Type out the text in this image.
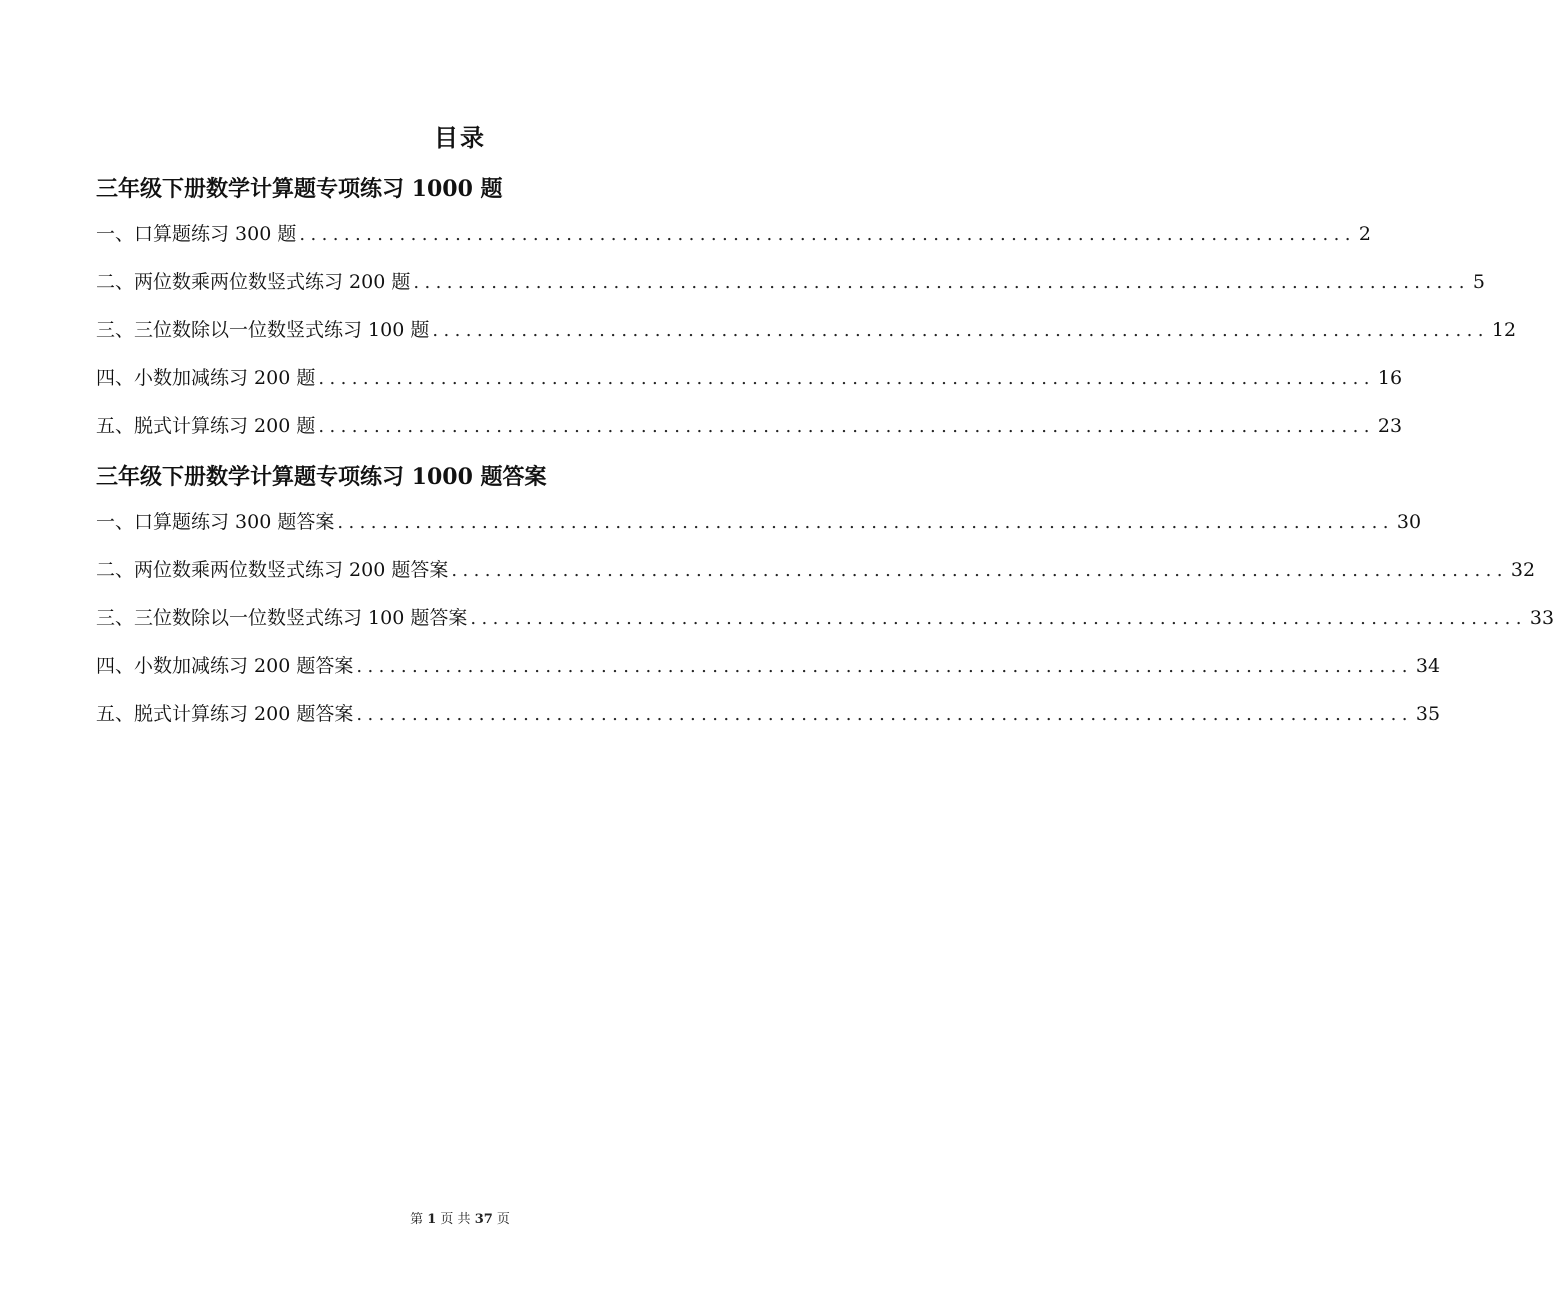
目录
三年级下册数学计算题专项练习 1000 题
一、口算题练习 300 题 ............................................................................................... 2
二、两位数乘两位数竖式练习 200 题 ............................................................................................... 5
三、三位数除以一位数竖式练习 100 题 ............................................................................................... 12
四、小数加减练习 200 题 ............................................................................................... 16
五、脱式计算练习 200 题 ............................................................................................... 23
三年级下册数学计算题专项练习 1000 题答案
一、口算题练习 300 题答案 ............................................................................................... 30
二、两位数乘两位数竖式练习 200 题答案 ............................................................................................... 32
三、三位数除以一位数竖式练习 100 题答案 ............................................................................................... 33
四、小数加减练习 200 题答案 ............................................................................................... 34
五、脱式计算练习 200 题答案 ............................................................................................... 35
第 1 页 共 37 页
